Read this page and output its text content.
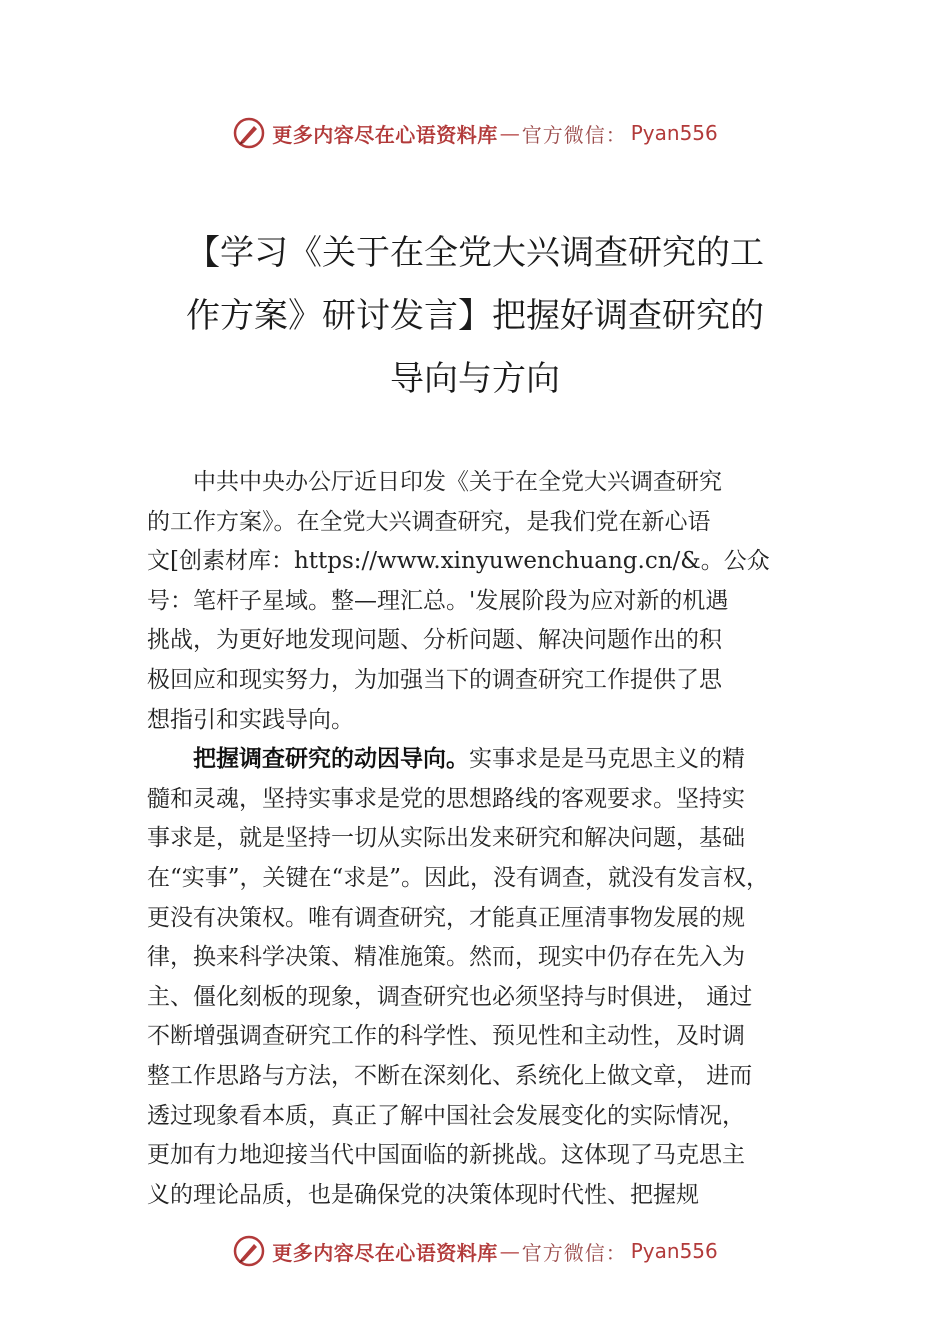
更多内容尽在心语资料库 — 官方微信： Pyan556
【学习《关于在全党大兴调查研究的工
作方案》研讨发言】把握好调查研究的
导向与方向
　　中共中央办公厅近日印发《关于在全党大兴调查研究
的工作方案》。在全党大兴调查研究，是我们党在新心语
文[创素材库：https://www.xinyuwenchuang.cn/&。公众
号：笔杆子星域。整—理汇总。'发展阶段为应对新的机遇
挑战，为更好地发现问题、分析问题、解决问题作出的积
极回应和现实努力，为加强当下的调查研究工作提供了思
想指引和实践导向。
　　把握调查研究的动因导向。实事求是是马克思主义的精
髓和灵魂，坚持实事求是党的思想路线的客观要求。坚持实
事求是，就是坚持一切从实际出发来研究和解决问题，基础
在“实事”，关键在“求是”。因此，没有调查，就没有发言权，
更没有决策权。唯有调查研究，才能真正厘清事物发展的规
律，换来科学决策、精准施策。然而，现实中仍存在先入为
主、僵化刻板的现象，调查研究也必须坚持与时俱进， 通过
不断增强调查研究工作的科学性、预见性和主动性，及时调
整工作思路与方法，不断在深刻化、系统化上做文章， 进而
透过现象看本质，真正了解中国社会发展变化的实际情况，
更加有力地迎接当代中国面临的新挑战。这体现了马克思主
义的理论品质，也是确保党的决策体现时代性、把握规
更多内容尽在心语资料库 — 官方微信： Pyan556
